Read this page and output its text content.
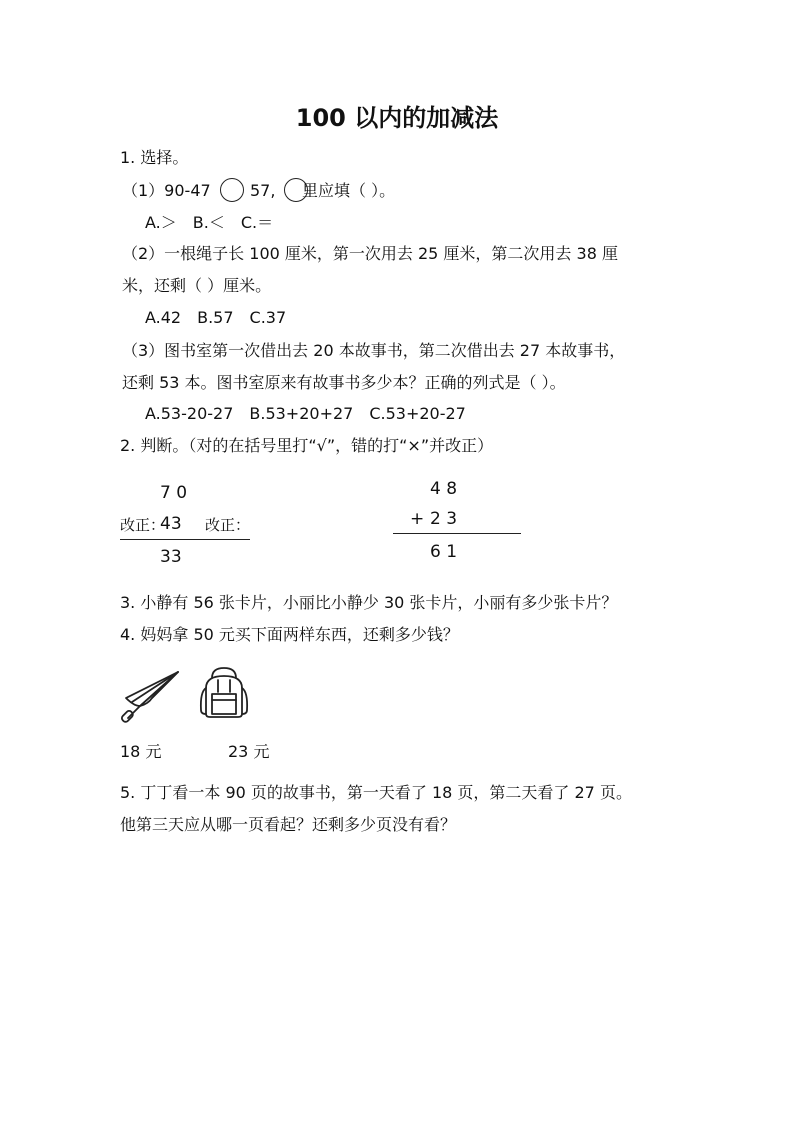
100 以内的加减法
1. 选择。
（1）90-47 57, 里应填（ ）。
A.＞　B.＜　C.＝
（2）一根绳子长 100 厘米，第一次用去 25 厘米，第二次用去 38 厘
米，还剩（ ）厘米。
A.42　B.57　C.37
（3）图书室第一次借出去 20 本故事书，第二次借出去 27 本故事书，
还剩 53 本。图书室原来有故事书多少本？正确的列式是（ ）。
A.53-20-27　B.53+20+27　C.53+20-27
2. 判断。（对的在括号里打“√”，错的打“×”并改正）
7 0
改正：
43 改正：
33
4 8
+ 2 3
6 1
3. 小静有 56 张卡片，小丽比小静少 30 张卡片，小丽有多少张卡片？
4. 妈妈拿 50 元买下面两样东西，还剩多少钱？
18 元	23 元
5. 丁丁看一本 90 页的故事书，第一天看了 18 页，第二天看了 27 页。
他第三天应从哪一页看起？还剩多少页没有看？
